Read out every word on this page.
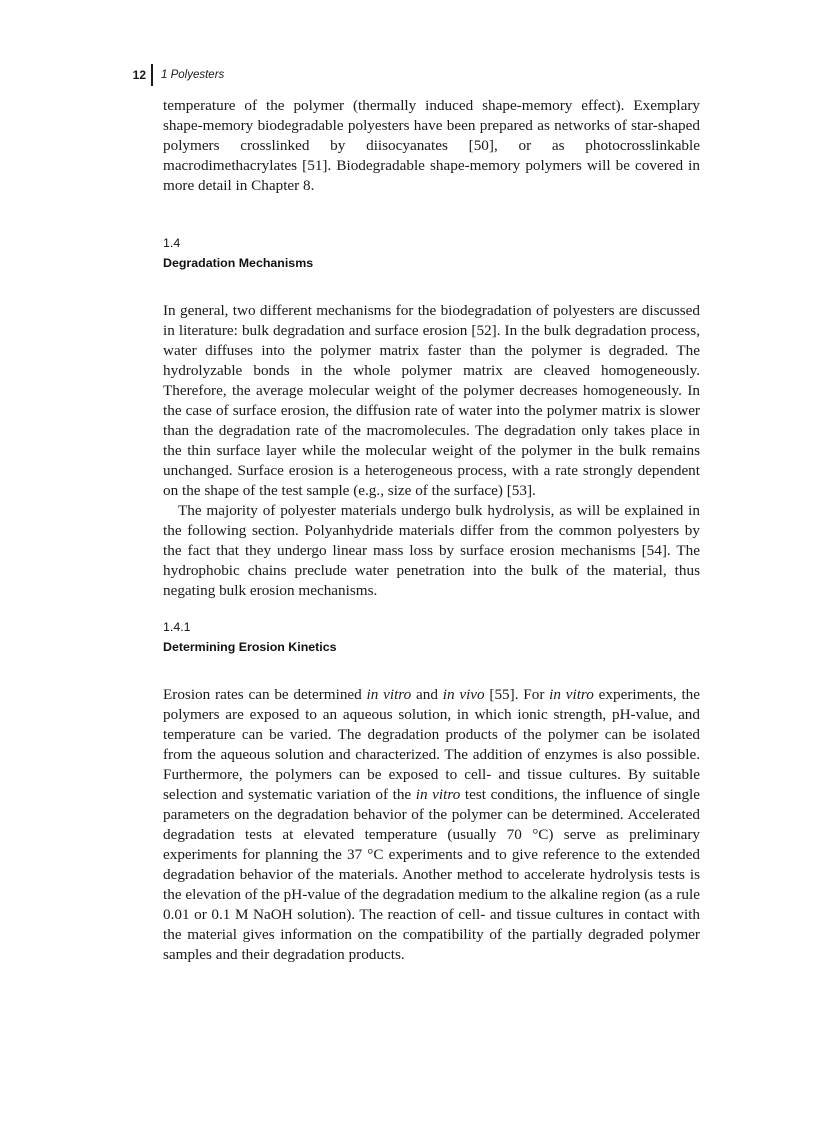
12 1 Polyesters

temperature of the polymer (thermally induced shape-memory effect). Exemplary shape-memory biodegradable polyesters have been prepared as networks of star-shaped polymers crosslinked by diisocyanates [50], or as photocrosslinkable macrodimethacrylates [51]. Biodegradable shape-memory polymers will be covered in more detail in Chapter 8.

1.4
Degradation Mechanisms

In general, two different mechanisms for the biodegradation of polyesters are discussed in literature: bulk degradation and surface erosion [52]. In the bulk degradation process, water diffuses into the polymer matrix faster than the polymer is degraded. The hydrolyzable bonds in the whole polymer matrix are cleaved homogeneously. Therefore, the average molecular weight of the polymer decreases homogeneously. In the case of surface erosion, the diffusion rate of water into the polymer matrix is slower than the degradation rate of the macromolecules. The degradation only takes place in the thin surface layer while the molecular weight of the polymer in the bulk remains unchanged. Surface erosion is a heterogeneous process, with a rate strongly dependent on the shape of the test sample (e.g., size of the surface) [53].

The majority of polyester materials undergo bulk hydrolysis, as will be explained in the following section. Polyanhydride materials differ from the common polyesters by the fact that they undergo linear mass loss by surface erosion mechanisms [54]. The hydrophobic chains preclude water penetration into the bulk of the material, thus negating bulk erosion mechanisms.

1.4.1
Determining Erosion Kinetics

Erosion rates can be determined in vitro and in vivo [55]. For in vitro experiments, the polymers are exposed to an aqueous solution, in which ionic strength, pH-value, and temperature can be varied. The degradation products of the polymer can be isolated from the aqueous solution and characterized. The addition of enzymes is also possible. Furthermore, the polymers can be exposed to cell- and tissue cultures. By suitable selection and systematic variation of the in vitro test conditions, the influence of single parameters on the degradation behavior of the polymer can be determined. Accelerated degradation tests at elevated temperature (usually 70 °C) serve as preliminary experiments for planning the 37 °C experiments and to give reference to the extended degradation behavior of the materials. Another method to accelerate hydrolysis tests is the elevation of the pH-value of the degradation medium to the alkaline region (as a rule 0.01 or 0.1 M NaOH solution). The reaction of cell- and tissue cultures in contact with the material gives information on the compatibility of the partially degraded polymer samples and their degradation products.
